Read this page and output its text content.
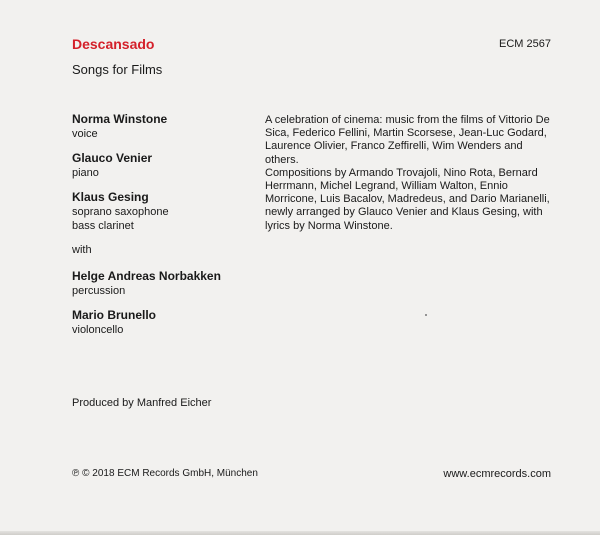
Descansado
Songs for Films
ECM 2567
Norma Winstone
voice
Glauco Venier
piano
Klaus Gesing
soprano saxophone
bass clarinet
with
Helge Andreas Norbakken
percussion
Mario Brunello
violoncello

A celebration of cinema: music from the films of Vittorio De Sica, Federico Fellini, Martin Scorsese, Jean-Luc Godard, Laurence Olivier, Franco Zeffirelli, Wim Wenders and others.

Compositions by Armando Trovajoli, Nino Rota, Bernard Herrmann, Michel Legrand, William Walton, Ennio Morricone, Luis Bacalov, Madredeus, and Dario Marianelli, newly arranged by Glauco Venier and Klaus Gesing, with lyrics by Norma Winstone.

Produced by Manfred Eicher
℗ © 2018 ECM Records GmbH, München	www.ecmrecords.com
